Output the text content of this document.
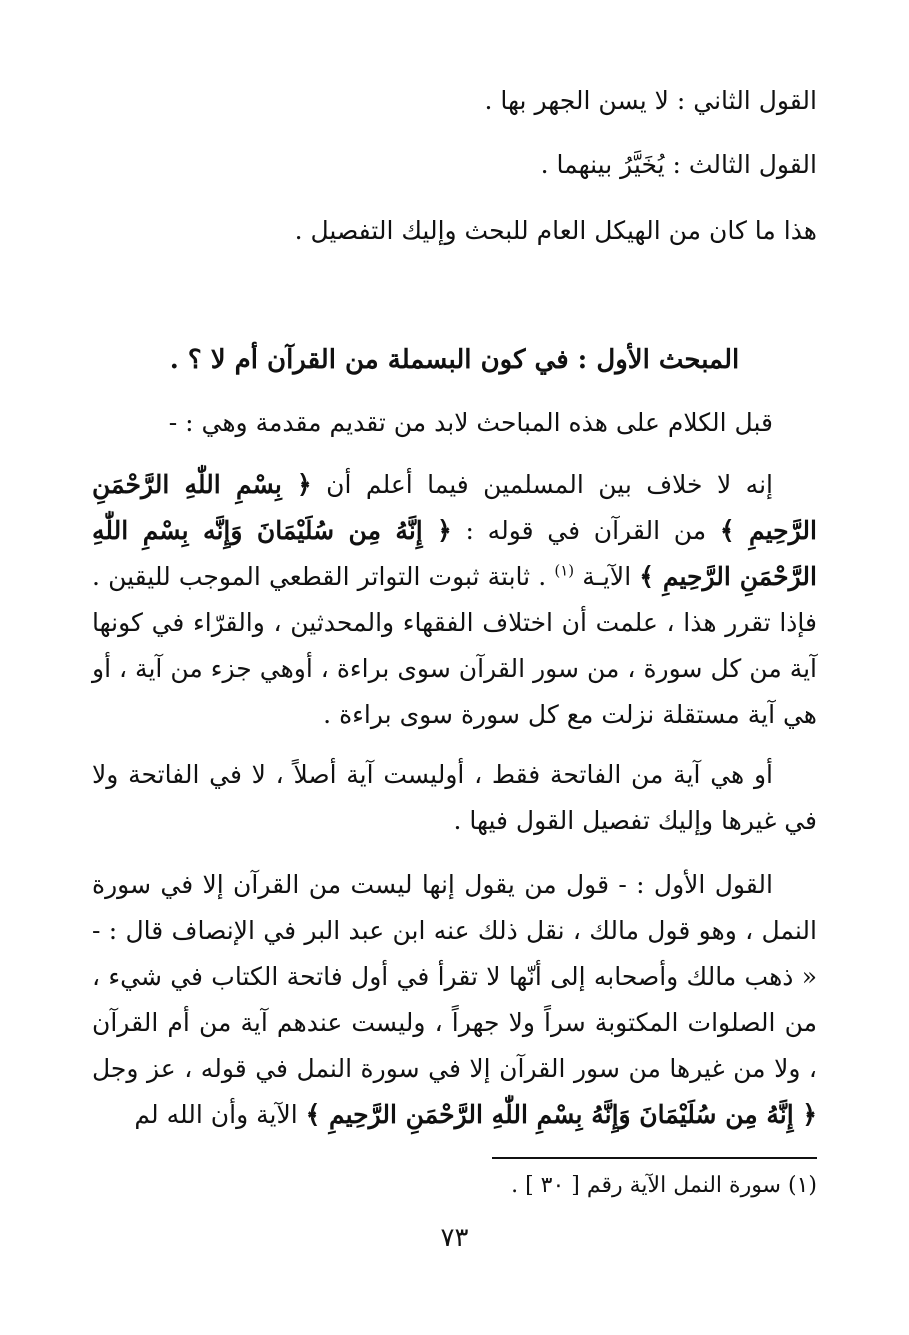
القول الثاني : لا يسن الجهر بها .
القول الثالث : يُخَيَّرُ بينهما .
هذا ما كان من الهيكل العام للبحث وإليك التفصيل .
المبحث الأول : في كون البسملة من القرآن أم لا ؟ .
قبل الكلام على هذه المباحث لابد من تقديم مقدمة وهي : -
إنه لا خلاف بين المسلمين فيما أعلم أن ﴿ بِسْمِ اللّٰهِ الرَّحْمَنِ الرَّحِيمِ ﴾ من القرآن في قوله : ﴿ إِنَّهُ مِن سُلَيْمَانَ وَإِنَّه بِسْمِ اللّٰهِ الرَّحْمَنِ الرَّحِيمِ ﴾ الآيـة $^{(١)}$ . ثابتة ثبوت التواتر القطعي الموجب لليقين . فإذا تقرر هذا ، علمت أن اختلاف الفقهاء والمحدثين ، والقرّاء في كونها آية من كل سورة ، من سور القرآن سوى براءة ، أوهي جزء من آية ، أو هي آية مستقلة نزلت مع كل سورة سوى براءة .
أو هي آية من الفاتحة فقط ، أوليست آية أصلاً ، لا في الفاتحة ولا في غيرها وإليك تفصيل القول فيها .
القول الأول : - قول من يقول إنها ليست من القرآن إلا في سورة النمل ، وهو قول مالك ، نقل ذلك عنه ابن عبد البر في الإنصاف قال : - « ذهب مالك وأصحابه إلى أنّها لا تقرأ في أول فاتحة الكتاب في شيء ، من الصلوات المكتوبة سراً ولا جهراً ، وليست عندهم آية من أم القرآن ، ولا من غيرها من سور القرآن إلا في سورة النمل في قوله ، عز وجل ﴿ إِنَّهُ مِن سُلَيْمَانَ وَإِنَّهُ بِسْمِ اللّٰهِ الرَّحْمَنِ الرَّحِيمِ ﴾ الآية وأن الله لم
(١) سورة النمل الآية رقم [ ٣٠ ] .
٧٣
